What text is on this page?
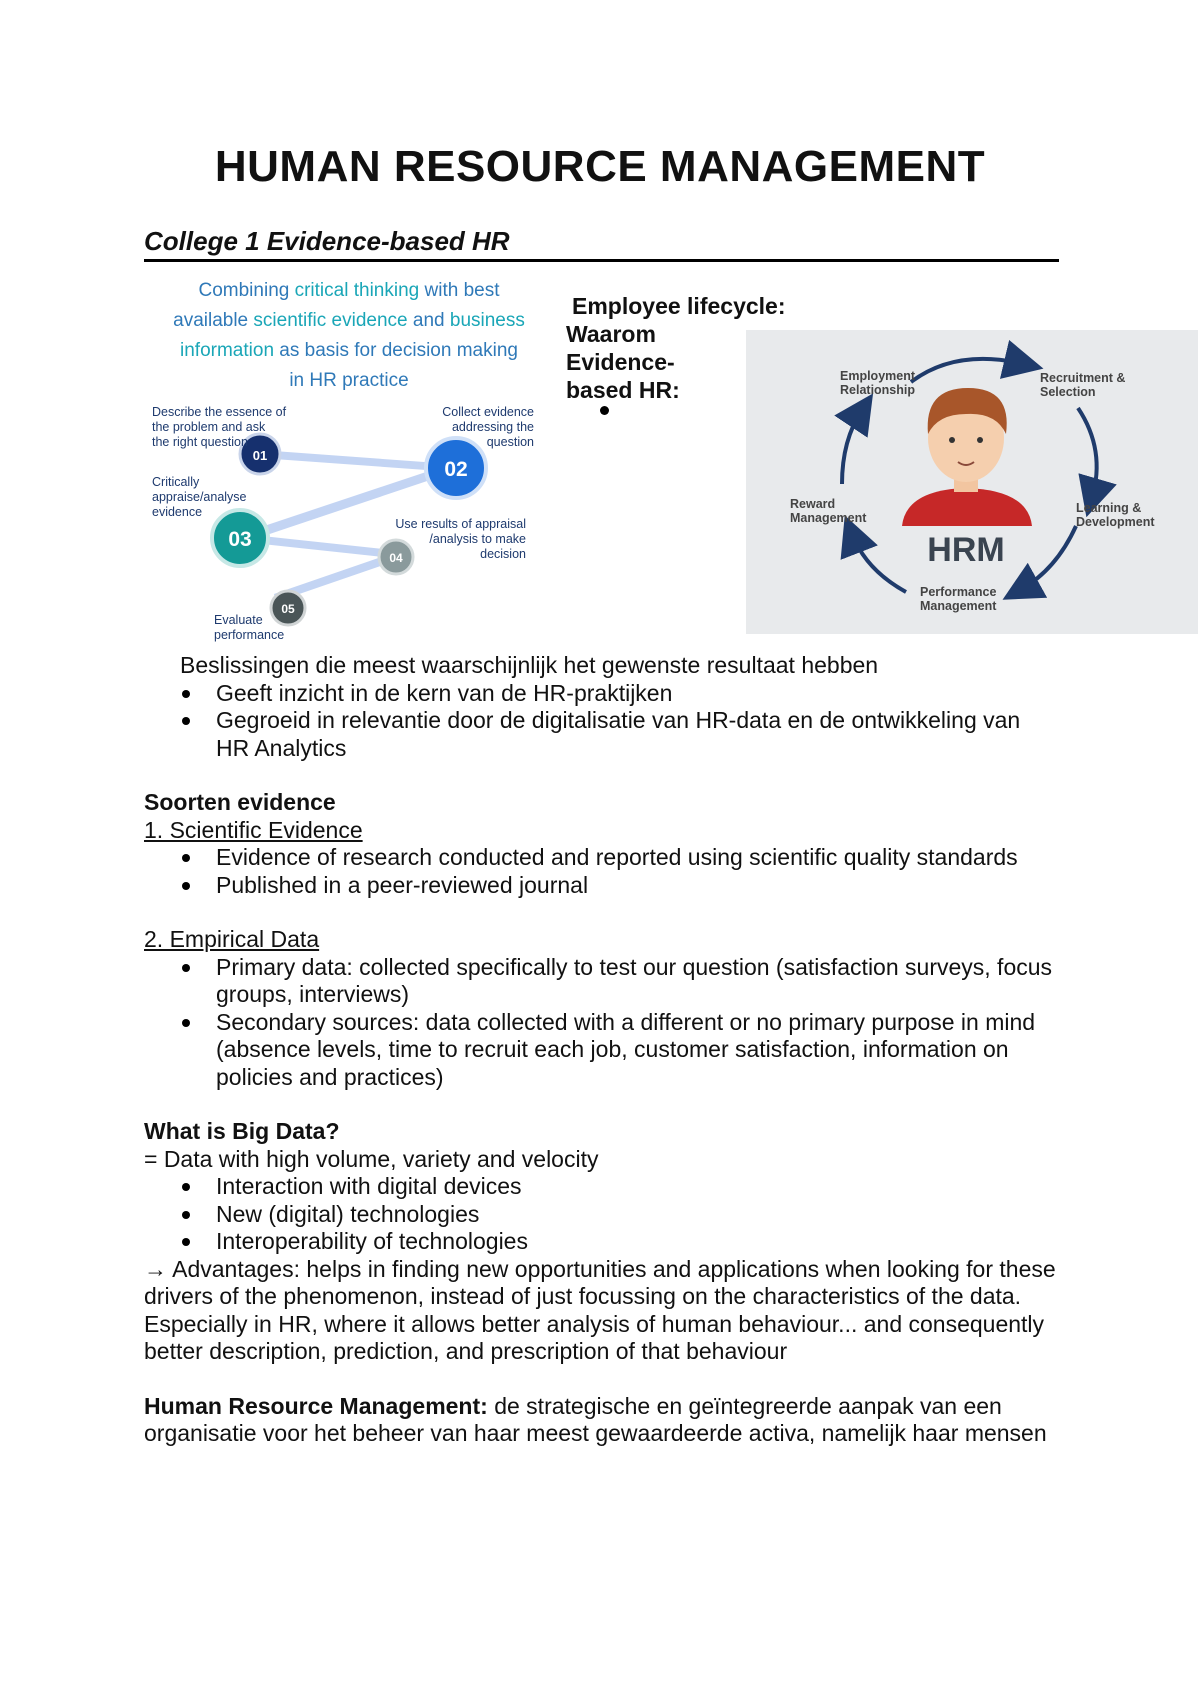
HUMAN RESOURCE MANAGEMENT
College 1 Evidence-based HR
Combining critical thinking with best
available scientific evidence and business
information as basis for decision making
in HR practice
01
02
03
04
05
Describe the essence of
the problem and ask
the right question
Collect evidence
addressing the
question
Critically
appraise/analyse
evidence
Use results of appraisal
/analysis to make
decision
Evaluate
performance
Employee lifecycle:
Waarom
Evidence-
based HR:
HRM
Employment
Relationship
Recruitment &
Selection
Learning &
Development
Performance
Management
Reward
Management
Beslissingen die meest waarschijnlijk het gewenste resultaat hebben
Geeft inzicht in de kern van de HR-praktijken
Gegroeid in relevantie door de digitalisatie van HR-data en de ontwikkeling van HR Analytics
Soorten evidence
1. Scientific Evidence
Evidence of research conducted and reported using scientific quality standards
Published in a peer-reviewed journal
2. Empirical Data
Primary data: collected specifically to test our question (satisfaction surveys, focus groups, interviews)
Secondary sources: data collected with a different or no primary purpose in mind (absence levels, time to recruit each job, customer satisfaction, information on policies and practices)
What is Big Data?
= Data with high volume, variety and velocity
Interaction with digital devices
New (digital) technologies
Interoperability of technologies
→ Advantages: helps in finding new opportunities and applications when looking for these drivers of the phenomenon, instead of just focussing on the characteristics of the data. Especially in HR, where it allows better analysis of human behaviour... and consequently better description, prediction, and prescription of that behaviour
Human Resource Management: de strategische en geïntegreerde aanpak van een organisatie voor het beheer van haar meest gewaardeerde activa, namelijk haar mensen
